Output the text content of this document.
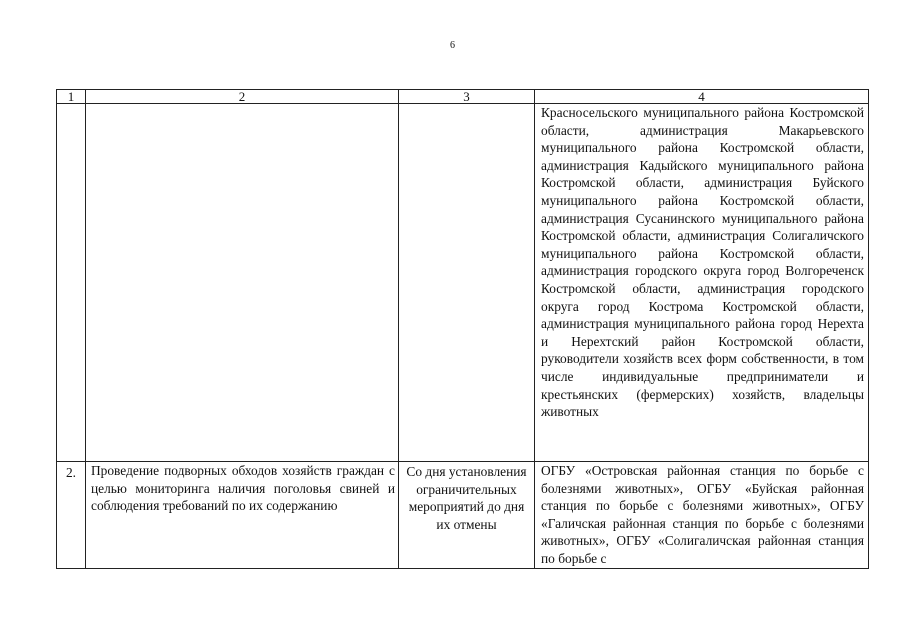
6
1	2	3	4
			Красносельского муниципального района Костромской области, администрация Макарьевского муниципального района Костромской области, администрация Кадыйского муниципального района Костромской области, администрация Буйского муниципального района Костромской области, администрация Сусанинского муниципального района Костромской области, администрация Солигаличского муниципального района Костромской области, администрация городского округа город Волгореченск Костромской области, администрация городского округа город Кострома Костромской области, администрация муниципального района город Нерехта и Нерехтский район Костромской области, руководители хозяйств всех форм собственности, в том числе индивидуальные предприниматели и крестьянских (фермерских) хозяйств, владельцы животных
2.	Проведение подворных обходов хозяйств граждан с целью мониторинга наличия поголовья свиней и соблюдения требований по их содержанию	Со дня установления ограничительных мероприятий до дня их отмены	ОГБУ «Островская районная станция по борьбе с болезнями животных», ОГБУ «Буйская районная станция по борьбе с болезнями животных», ОГБУ «Галичская районная станция по борьбе с болезнями животных», ОГБУ «Солигаличская районная станция по борьбе с
